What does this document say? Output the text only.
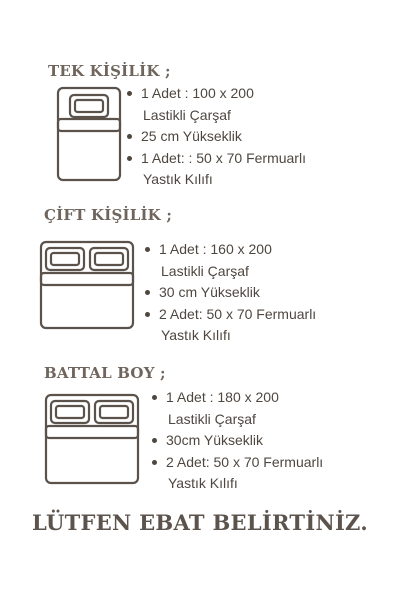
TEK KİŞİLİK ;
1 Adet : 100 x 200
Lastikli Çarşaf
25 cm Yükseklik
1 Adet: : 50 x 70 Fermuarlı
Yastık Kılıfı
ÇİFT KİŞİLİK ;
1 Adet : 160 x 200
Lastikli Çarşaf
30 cm Yükseklik
2 Adet: 50 x 70 Fermuarlı
Yastık Kılıfı
BATTAL BOY ;
1 Adet : 180 x 200
Lastikli Çarşaf
30cm Yükseklik
2 Adet: 50 x 70 Fermuarlı
Yastık Kılıfı
LÜTFEN EBAT BELİRTİNİZ.
